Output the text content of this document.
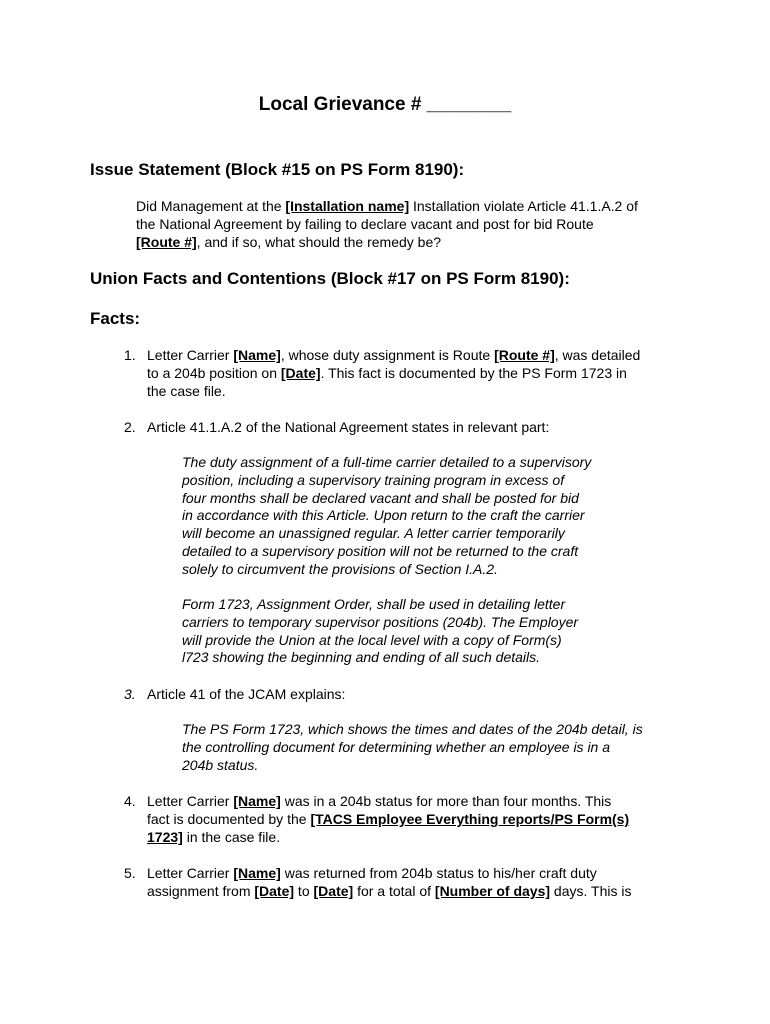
Local Grievance # ________
Issue Statement (Block #15 on PS Form 8190):
Did Management at the [Installation name] Installation violate Article 41.1.A.2 of
the National Agreement by failing to declare vacant and post for bid Route
[Route #], and if so, what should the remedy be?
Union Facts and Contentions (Block #17 on PS Form 8190):
Facts:
1. Letter Carrier [Name], whose duty assignment is Route [Route #], was detailed
to a 204b position on [Date]. This fact is documented by the PS Form 1723 in
the case file.
2. Article 41.1.A.2 of the National Agreement states in relevant part:
The duty assignment of a full-time carrier detailed to a supervisory
position, including a supervisory training program in excess of
four months shall be declared vacant and shall be posted for bid
in accordance with this Article. Upon return to the craft the carrier
will become an unassigned regular. A letter carrier temporarily
detailed to a supervisory position will not be returned to the craft
solely to circumvent the provisions of Section I.A.2.
Form 1723, Assignment Order, shall be used in detailing letter
carriers to temporary supervisor positions (204b). The Employer
will provide the Union at the local level with a copy of Form(s)
l723 showing the beginning and ending of all such details.
3. Article 41 of the JCAM explains:
The PS Form 1723, which shows the times and dates of the 204b detail, is
the controlling document for determining whether an employee is in a
204b status.
4. Letter Carrier [Name] was in a 204b status for more than four months. This
fact is documented by the [TACS Employee Everything reports/PS Form(s)
1723] in the case file.
5. Letter Carrier [Name] was returned from 204b status to his/her craft duty
assignment from [Date] to [Date] for a total of [Number of days] days. This is
